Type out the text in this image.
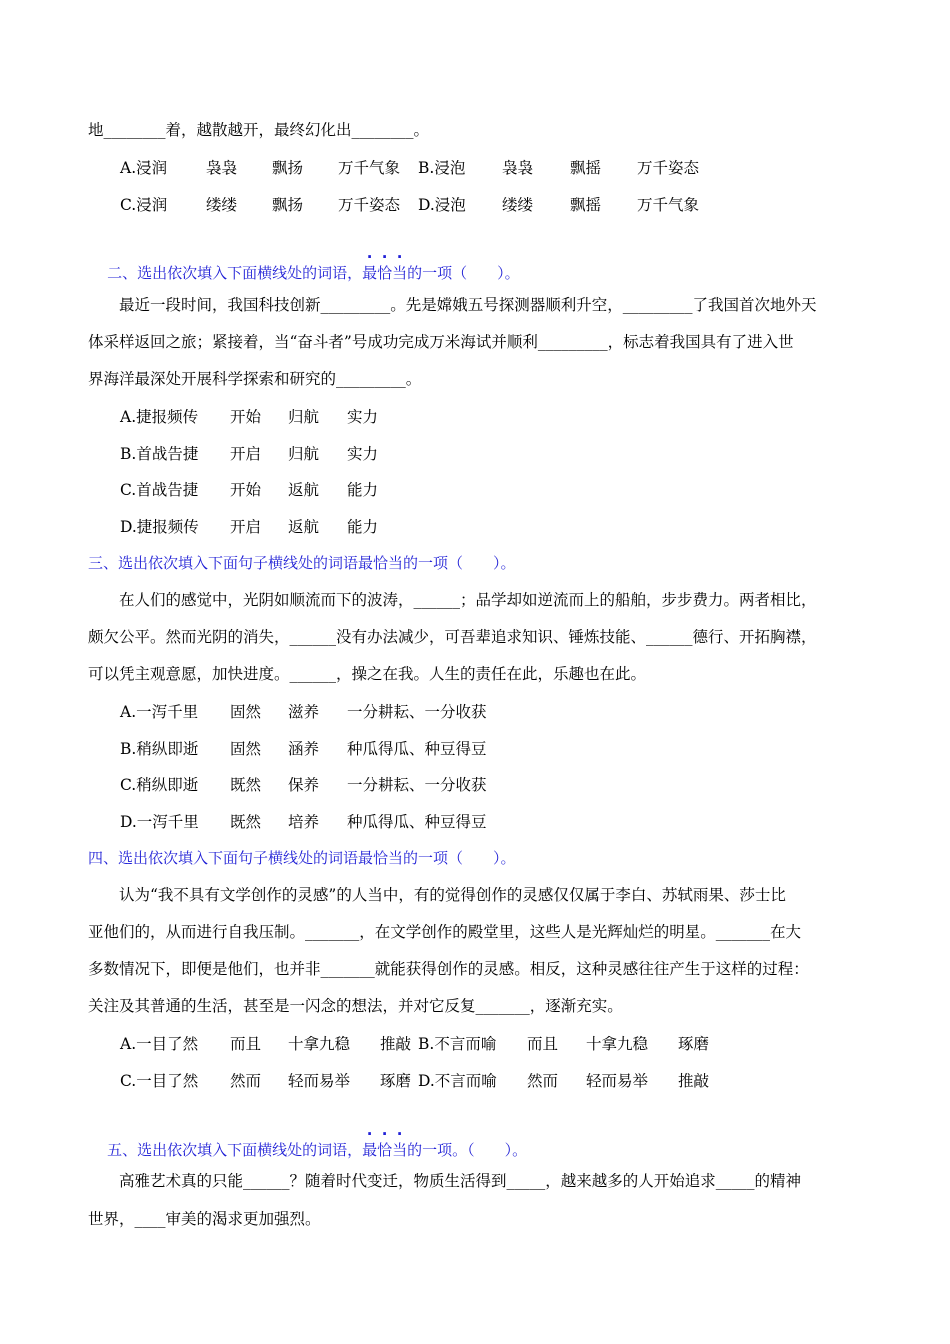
地________着，越散越开，最终幻化出________。
A.浸润	袅袅	飘扬	万千气象	B.浸泡	袅袅	飘摇	万千姿态
C.浸润	缕缕	飘扬	万千姿态	D.浸泡	缕缕	飘摇	万千气象

二、选出依次填入下面横线处的词语，最恰当的一项（　　）。

　　最近一段时间，我国科技创新_________。先是嫦娥五号探测器顺利升空，_________了我国首次地外天
体采样返回之旅；紧接着，当“奋斗者”号成功完成万米海试并顺利_________，标志着我国具有了进入世
界海洋最深处开展科学探索和研究的_________。
A.捷报频传	开始	归航	实力
B.首战告捷	开启	归航	实力
C.首战告捷	开始	返航	能力
D.捷报频传	开启	返航	能力
三、选出依次填入下面句子横线处的词语最恰当的一项（　　）。
　　在人们的感觉中，光阴如顺流而下的波涛，______；品学却如逆流而上的船舶，步步费力。两者相比，
颇欠公平。然而光阴的消失，______没有办法减少，可吾辈追求知识、锤炼技能、______德行、开拓胸襟，
可以凭主观意愿，加快进度。______，操之在我。人生的责任在此，乐趣也在此。
A.一泻千里	固然	滋养	一分耕耘、一分收获
B.稍纵即逝	固然	涵养	种瓜得瓜、种豆得豆
C.稍纵即逝	既然	保养	一分耕耘、一分收获
D.一泻千里	既然	培养	种瓜得瓜、种豆得豆
四、选出依次填入下面句子横线处的词语最恰当的一项（　　）。
　　认为“我不具有文学创作的灵感”的人当中，有的觉得创作的灵感仅仅属于李白、苏轼雨果、莎士比
亚他们的，从而进行自我压制。_______，在文学创作的殿堂里，这些人是光辉灿烂的明星。_______在大
多数情况下，即便是他们，也并非_______就能获得创作的灵感。相反，这种灵感往往产生于这样的过程：
关注及其普通的生活，甚至是一闪念的想法，并对它反复_______，逐渐充实。
A.一目了然	而且	十拿九稳	推敲 B.不言而喻	而且	十拿九稳	琢磨
C.一目了然	然而	轻而易举	琢磨 D.不言而喻	然而	轻而易举	推敲

五、选出依次填入下面横线处的词语，最恰当的一项。（　　）。

　　高雅艺术真的只能______？随着时代变迁，物质生活得到_____，越来越多的人开始追求_____的精神
世界，____审美的渴求更加强烈。
